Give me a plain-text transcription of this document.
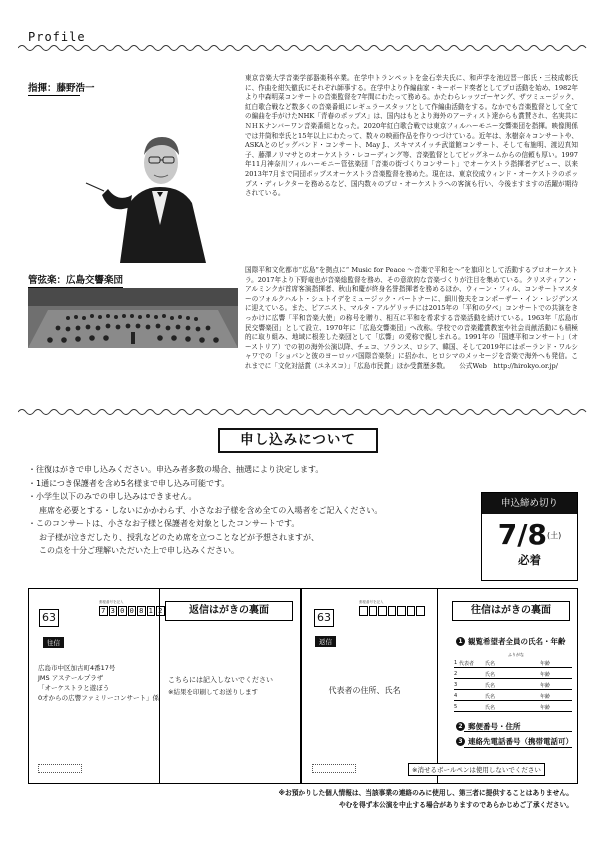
Profile
指揮：藤野浩一
東京音楽大学音楽学部器楽科卒業。在学中トランペットを金石幸夫氏に、和声学を池辺晋一郎氏・三枝成彰氏に、作曲を紺矢徹氏にそれぞれ師事する。在学中より作編曲家・キーボード奏者としてプロ活動を始め、1982年より中森明菜コンサートの音楽監督を7年間にわたって務める。かたわらレッツゴーヤング、ザツミュージック、紅白歌合戦など数多くの音楽番組にレギュラースタッフとして作編曲活動をする。なかでも音楽監督として全ての編曲を手がけたNHK「青春のポップス」は、国内はもとより海外のアーティスト達からも賞賛され、名実共にＮＨＫナンバーワン音楽番組となった。2020年紅白歌合戦では東京フィルハーモニー交響楽団を指揮。映像関係では井筒和幸氏と15年以上にわたって、数々の映画作品を作りつづけている。近年は、氷樹奈々コンサートや、ASKAとのビッグバンド・コンサート、May J.、スキマスイッチ武道館コンサート、そして布施明、渡辺真知子、藤澤ノリマサとのオーケストラ・レコーディング等、音楽監督としてビッグネームからの信頼も厚い。1997年11月神奈川フィルハーモニー管弦楽団「音楽の街づくりコンサート」でオーケストラ指揮者デビュー、以来2013年7月まで同団ポップスオーケストラ音楽監督を務めた。現在は、東京佼成ウィンド・オーケストラのポップス・ディレクターを務めるなど、国内数々のプロ・オーケストラへの客演も行い、今後ますますの活躍が期待されている。
管弦楽：広島交響楽団
国際平和文化都市“広島”を拠点に“ Music for Peace ～音楽で平和を～”を旗印として活動するプロオーケストラ。2017年より下野竜也が音楽総監督を務め、その意欲的な音楽づくりが注目を集めている。クリスティアン・アルミンクが首席客演指揮者、秋山和慶が終身名誉指揮者を務めるほか、ウィーン・フィル、コンサートマスターのフォルクハルト・シュトイデをミュージック・パートナーに、細川俊夫をコンポーザー・イン・レジデンスに迎えている。また、ピアニスト、マルタ・アルゲリッチには2015年の「平和の夕べ」コンサートでの共演をきっかけに広響「平和音楽大使」の称号を贈り、相互に平和を希求する音楽活動を続けている。1963年「広島市民交響楽団」として設立、1970年に「広島交響楽団」へ改称。学校での音楽鑑賞教室や社会貢献活動にも積極的に取り組み、地域に根差した楽団として「広響」の愛称で親しまれる。1991年の「国連平和コンサート」（オーストリア）での初の海外公演以降、チェコ、フランス、ロシア、韓国、そして2019年にはポーランド・ワルシャワでの「ショパンと彼のヨーロッパ国際音楽祭」に招かれ、ヒロシマのメッセージを音楽で海外へも発信。これまでに「文化対話賞（ユネスコ）」「広島市民賞」ほか受賞歴多数。　　公式Web　http://hirokyo.or.jp/
申し込みについて
・往復はがきで申し込みください。申込み者多数の場合、抽選により決定します。
・1通につき保護者を含め5名様まで申し込み可能です。
・小学生以下のみでの申し込みはできません。
座席を必要とする・しないにかかわらず、小さなお子様を含め全ての入場者をご記入ください。
・このコンサートは、小さなお子様と保護者を対象としたコンサートです。
お子様が泣きだしたり、授乳などのため席を立つことなどが予想されますが、
この点を十分ご理解いただいた上で申し込みください。
申込締め切り
7/8(土)
必着
63
郵便番号を記入
7 3 0 0 8 1 2
往信
広島市中区加古町4番17号
JMS アステールプラザ
「オーケストラと遊ぼう
0才からの広響ファミリーコンサート」係
返信はがきの裏面
こちらには記入しないでください
※結果を印刷してお送りします
63
郵便番号を記入
返信
代表者の住所、氏名
往信はがきの裏面
1 観覧希望者全員の氏名・年齢
ふりがな
1 代表者 氏名	年齢
2	氏名	年齢
3	氏名	年齢
4	氏名	年齢
5	氏名	年齢
2 郵便番号・住所
3 連絡先電話番号（携帯電話可）
※消せるボールペンは使用しないでください
※お預かりした個人情報は、当該事業の連絡のみに使用し、第三者に提供することはありません。
やむを得ず本公演を中止する場合がありますのであらかじめご了承ください。
